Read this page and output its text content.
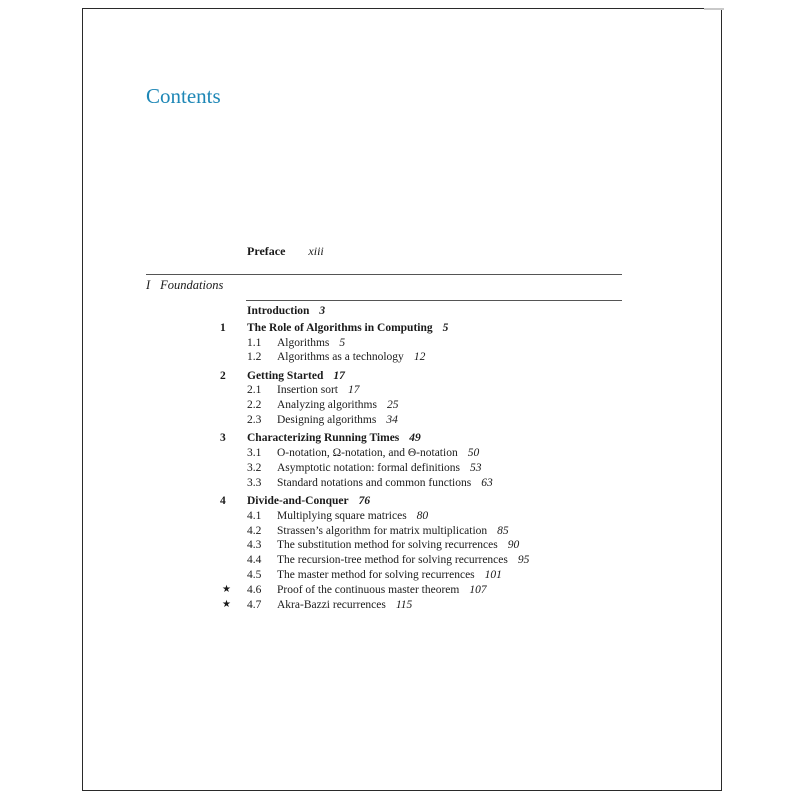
Contents
Preface xiii
I Foundations
Introduction 3
1 The Role of Algorithms in Computing 5
1.1 Algorithms 5
1.2 Algorithms as a technology 12
2 Getting Started 17
2.1 Insertion sort 17
2.2 Analyzing algorithms 25
2.3 Designing algorithms 34
3 Characterizing Running Times 49
3.1 O-notation, Ω-notation, and Θ-notation 50
3.2 Asymptotic notation: formal definitions 53
3.3 Standard notations and common functions 63
4 Divide-and-Conquer 76
4.1 Multiplying square matrices 80
4.2 Strassen’s algorithm for matrix multiplication 85
4.3 The substitution method for solving recurrences 90
4.4 The recursion-tree method for solving recurrences 95
4.5 The master method for solving recurrences 101
★ 4.6 Proof of the continuous master theorem 107
★ 4.7 Akra-Bazzi recurrences 115
